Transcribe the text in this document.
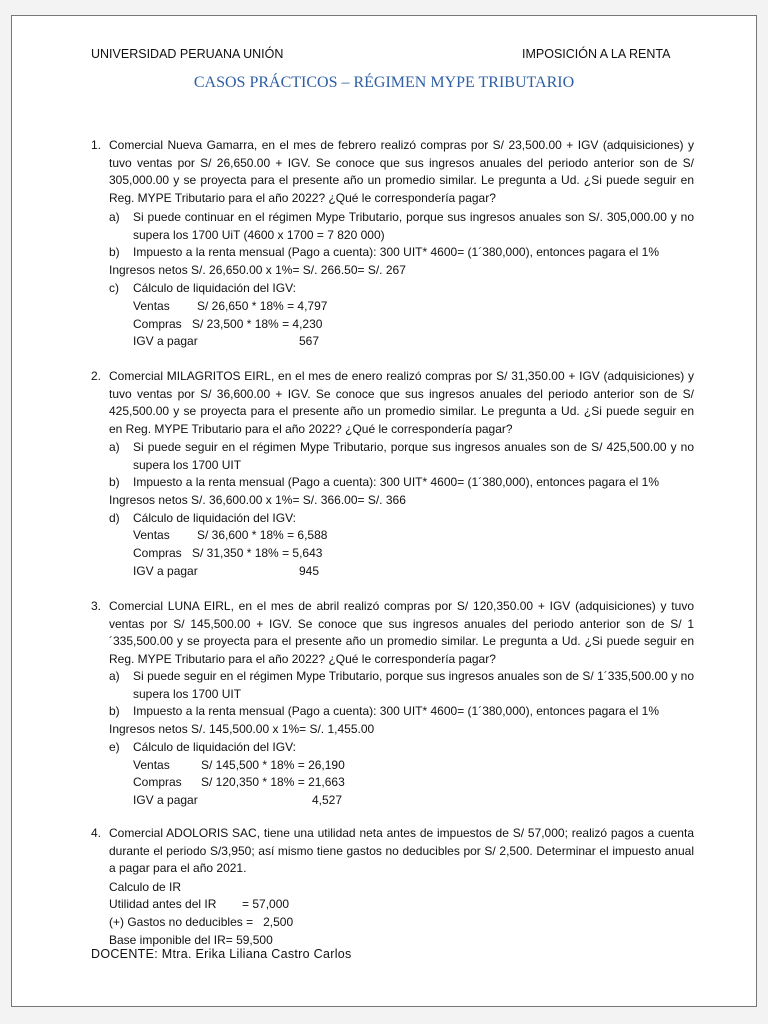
UNIVERSIDAD PERUANA UNIÓN	IMPOSICIÓN A LA RENTA
CASOS PRÁCTICOS – RÉGIMEN MYPE TRIBUTARIO
1. Comercial Nueva Gamarra, en el mes de febrero realizó compras por S/ 23,500.00 + IGV (adquisiciones) y tuvo ventas por S/ 26,650.00 + IGV. Se conoce que sus ingresos anuales del periodo anterior son de S/ 305,000.00 y se proyecta para el presente año un promedio similar. Le pregunta a Ud. ¿Si puede seguir en Reg. MYPE Tributario para el año 2022? ¿Qué le correspondería pagar?
a) Si puede continuar en el régimen Mype Tributario, porque sus ingresos anuales son S/. 305,000.00 y no supera los 1700 UiT (4600 x 1700 = 7 820 000)
b) Impuesto a la renta mensual (Pago a cuenta): 300 UIT* 4600= (1´380,000), entonces pagara el 1%
Ingresos netos S/. 26,650.00 x 1%= S/. 266.50= S/. 267
c) Cálculo de liquidación del IGV:
Ventas S/ 26,650 * 18% = 4,797
Compras S/ 23,500 * 18% = 4,230
IGV a pagar	567
2. Comercial MILAGRITOS EIRL, en el mes de enero realizó compras por S/ 31,350.00 + IGV (adquisiciones) y tuvo ventas por S/ 36,600.00 + IGV. Se conoce que sus ingresos anuales del periodo anterior son de S/ 425,500.00 y se proyecta para el presente año un promedio similar. Le pregunta a Ud. ¿Si puede seguir en en Reg. MYPE Tributario para el año 2022? ¿Qué le correspondería pagar?
a) Si puede seguir en el régimen Mype Tributario, porque sus ingresos anuales son de S/ 425,500.00 y no supera los 1700 UIT
b) Impuesto a la renta mensual (Pago a cuenta): 300 UIT* 4600= (1´380,000), entonces pagara el 1%
Ingresos netos S/. 36,600.00 x 1%= S/. 366.00= S/. 366
d) Cálculo de liquidación del IGV:
Ventas S/ 36,600 * 18% = 6,588
Compras S/ 31,350 * 18% = 5,643
IGV a pagar	945
3. Comercial LUNA EIRL, en el mes de abril realizó compras por S/ 120,350.00 + IGV (adquisiciones) y tuvo ventas por S/ 145,500.00 + IGV. Se conoce que sus ingresos anuales del periodo anterior son de S/ 1´335,500.00 y se proyecta para el presente año un promedio similar. Le pregunta a Ud. ¿Si puede seguir en Reg. MYPE Tributario para el año 2022? ¿Qué le correspondería pagar?
a) Si puede seguir en el régimen Mype Tributario, porque sus ingresos anuales son de S/ 1´335,500.00 y no supera los 1700 UIT
b) Impuesto a la renta mensual (Pago a cuenta): 300 UIT* 4600= (1´380,000), entonces pagara el 1%
Ingresos netos S/. 145,500.00 x 1%= S/. 1,455.00
e) Cálculo de liquidación del IGV:
Ventas	S/ 145,500 * 18% = 26,190
Compras S/ 120,350 * 18% = 21,663
IGV a pagar	4,527
4. Comercial ADOLORIS SAC, tiene una utilidad neta antes de impuestos de S/ 57,000; realizó pagos a cuenta durante el periodo S/3,950; así mismo tiene gastos no deducibles por S/ 2,500. Determinar el impuesto anual a pagar para el año 2021.
Calculo de IR
Utilidad antes del IR = 57,000
(+) Gastos no deducibles =   2,500
Base imponible del IR= 59,500
DOCENTE: Mtra. Erika Liliana Castro Carlos
